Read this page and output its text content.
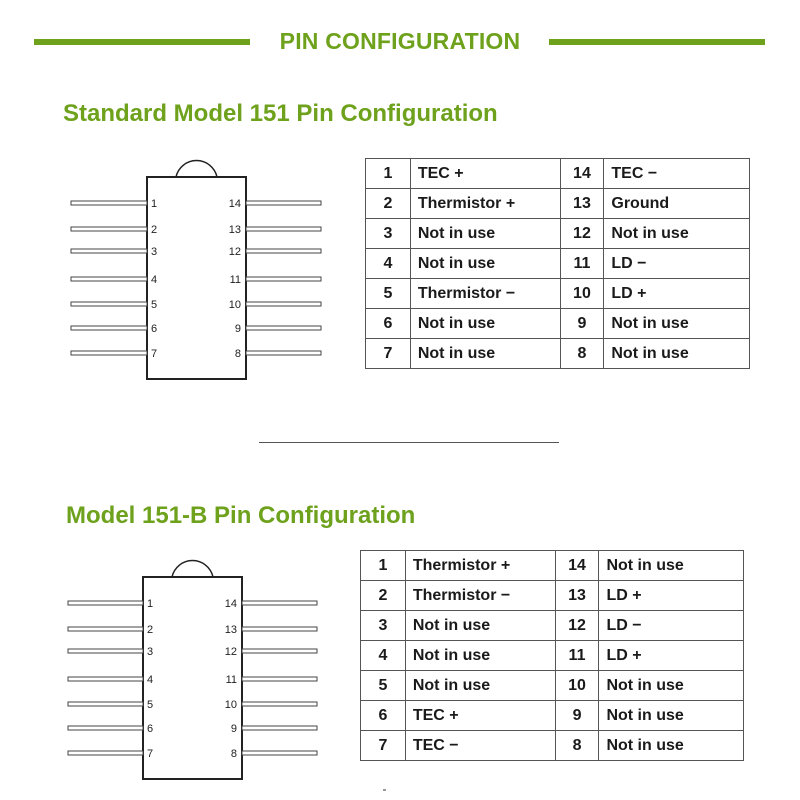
PIN CONFIGURATION
Standard Model 151 Pin Configuration
1	14
2	13
3	12
4	11
5	10
6	9
7	8
1	TEC +	14	TEC −
2	Thermistor +	13	Ground
3	Not in use	12	Not in use
4	Not in use	11	LD −
5	Thermistor −	10	LD +
6	Not in use	9	Not in use
7	Not in use	8	Not in use
Model 151-B Pin Configuration
1	14
2	13
3	12
4	11
5	10
6	9
7	8
1	Thermistor +	14	Not in use
2	Thermistor −	13	LD +
3	Not in use	12	LD −
4	Not in use	11	LD +
5	Not in use	10	Not in use
6	TEC +	9	Not in use
7	TEC −	8	Not in use
